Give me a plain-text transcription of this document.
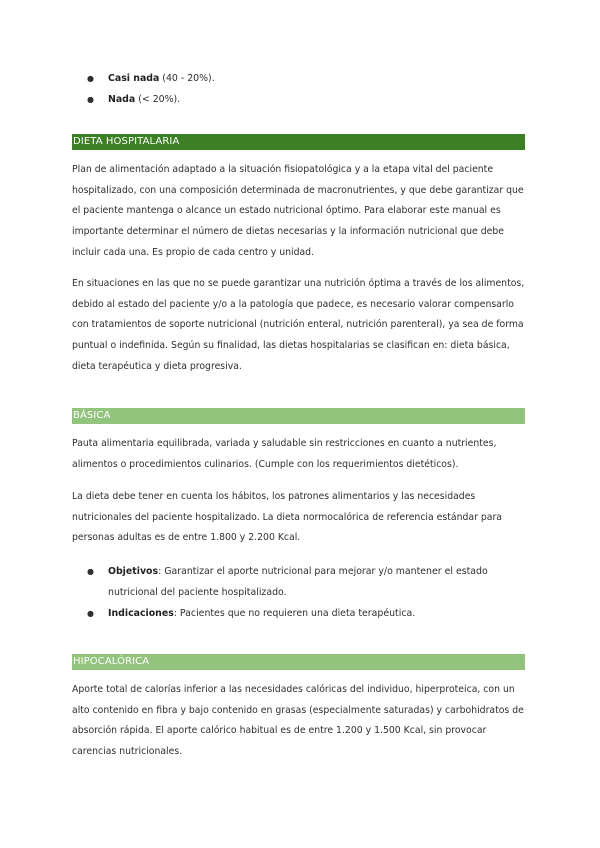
● Casi nada (40 - 20%).
● Nada (< 20%).
DIETA HOSPITALARIA

Plan de alimentación adaptado a la situación fisiopatológica y a la etapa vital del paciente hospitalizado, con una composición determinada de macronutrientes, y que debe garantizar que el paciente mantenga o alcance un estado nutricional óptimo. Para elaborar este manual es importante determinar el número de dietas necesarias y la información nutricional que debe incluir cada una. Es propio de cada centro y unidad.

En situaciones en las que no se puede garantizar una nutrición óptima a través de los alimentos, debido al estado del paciente y/o a la patología que padece, es necesario valorar compensarlo con tratamientos de soporte nutricional (nutrición enteral, nutrición parenteral), ya sea de forma puntual o indefinida. Según su finalidad, las dietas hospitalarias se clasifican en: dieta básica, dieta terapéutica y dieta progresiva.

BÁSICA

Pauta alimentaria equilibrada, variada y saludable sin restricciones en cuanto a nutrientes, alimentos o procedimientos culinarios. (Cumple con los requerimientos dietéticos).

La dieta debe tener en cuenta los hábitos, los patrones alimentarios y las necesidades nutricionales del paciente hospitalizado. La dieta normocalórica de referencia estándar para personas adultas es de entre 1.800 y 2.200 Kcal.

● Objetivos: Garantizar el aporte nutricional para mejorar y/o mantener el estado nutricional del paciente hospitalizado.
● Indicaciones: Pacientes que no requieren una dieta terapéutica.
HIPOCALÓRICA

Aporte total de calorías inferior a las necesidades calóricas del individuo, hiperproteica, con un alto contenido en fibra y bajo contenido en grasas (especialmente saturadas) y carbohidratos de absorción rápida. El aporte calórico habitual es de entre 1.200 y 1.500 Kcal, sin provocar carencias nutricionales.
